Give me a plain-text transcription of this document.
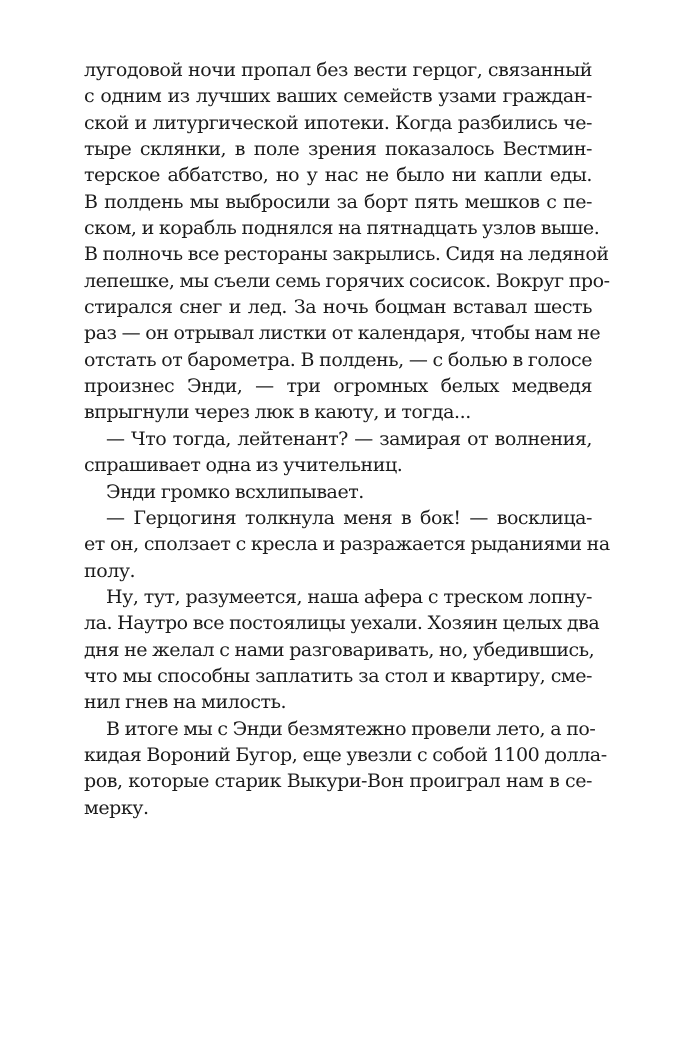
лугодовой ночи пропал без вести герцог, связанный
с одним из лучших ваших семейств узами граждан-
ской и литургической ипотеки. Когда разбились че-
тыре склянки, в поле зрения показалось Вестмин-
терское аббатство, но у нас не было ни капли еды.
В полдень мы выбросили за борт пять мешков с пе-
ском, и корабль поднялся на пятнадцать узлов выше.
В полночь все рестораны закрылись. Сидя на ледяной
лепешке, мы съели семь горячих сосисок. Вокруг про-
стирался снег и лед. За ночь боцман вставал шесть
раз — он отрывал листки от календаря, чтобы нам не
отстать от барометра. В полдень, — с болью в голосе
произнес Энди, — три огромных белых медведя
впрыгнули через люк в каюту, и тогда...
— Что тогда, лейтенант? — замирая от волнения,
спрашивает одна из учительниц.
Энди громко всхлипывает.
— Герцогиня толкнула меня в бок! — восклица-
ет он, сползает с кресла и разражается рыданиями на
полу.
Ну, тут, разумеется, наша афера с треском лопну-
ла. Наутро все постоялицы уехали. Хозяин целых два
дня не желал с нами разговаривать, но, убедившись,
что мы способны заплатить за стол и квартиру, сме-
нил гнев на милость.
В итоге мы с Энди безмятежно провели лето, а по-
кидая Вороний Бугор, еще увезли с собой 1100 долла-
ров, которые старик Выкури-Вон проиграл нам в се-
мерку.
